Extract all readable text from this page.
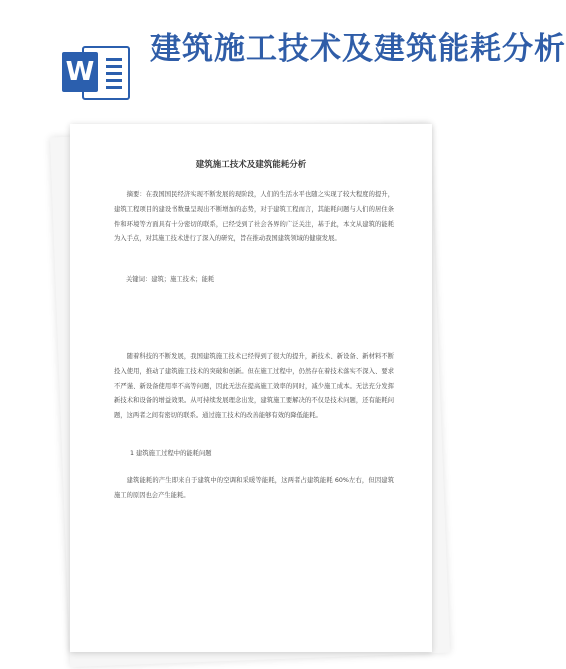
W
建筑施工技术及建筑能耗分析
建筑施工技术及建筑能耗分析

摘要：在我国国民经济实现不断发展的现阶段，人们的生活水平也随之实现了较大程度的提升，建筑工程项目的建设书数量呈现出不断增加的态势，对于建筑工程而言，其能耗问题与人们的居住条件和环境等方面具有十分密切的联系，已经受到了社会各界的广泛关注，基于此，本文从建筑的能耗为入手点，对其施工技术进行了深入的研究，旨在推动我国建筑领域的健康发展。

关键词：建筑；施工技术；能耗

随着科技的不断发展，我国建筑施工技术已经得到了很大的提升，新技术、新设备、新材料不断投入使用，推动了建筑施工技术的突破和创新。但在施工过程中，仍然存在着技术落实不深入、要求不严谨、新设备使用率不高等问题，因此无法在提高施工效率的同时，减少施工成本。无法充分发挥新技术和设备的增益效果。从可持续发展理念出发，建筑施工要解决的不仅是技术问题，还有能耗问题，这两者之间有密切的联系。通过施工技术的改善能够有效的降低能耗。

1 建筑施工过程中的能耗问题

建筑能耗的产生即来自于建筑中的空调和采暖等能耗，这两者占建筑能耗 60%左右，但因建筑施工的原因也会产生能耗。
